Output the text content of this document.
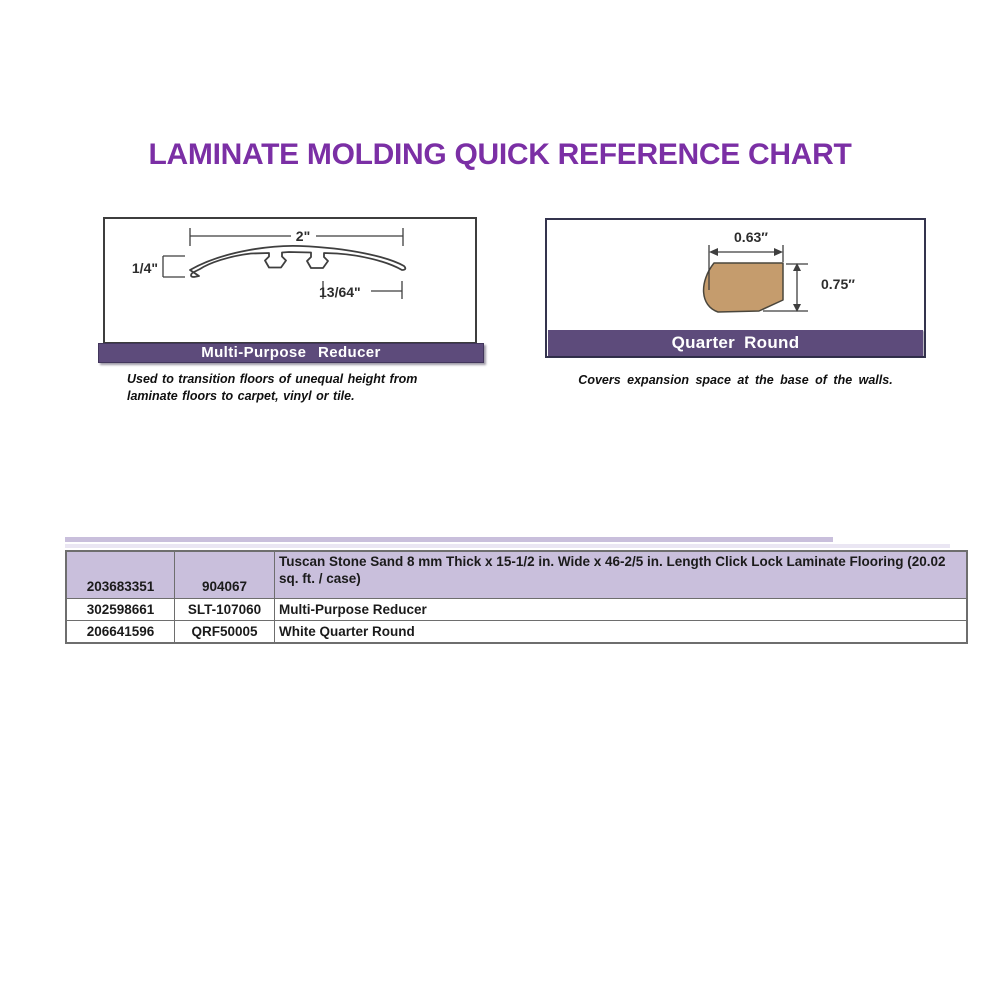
LAMINATE MOLDING QUICK REFERENCE CHART
2"
1/4"
13/64"
Multi-Purpose Reducer
Used to transition floors of unequal height from laminate floors to carpet, vinyl or tile.
0.63″
0.75″
Quarter Round
Covers expansion space at the base of the walls.
203683351	904067	Tuscan Stone Sand 8 mm Thick x 15-1/2 in. Wide x 46-2/5 in. Length Click Lock Laminate Flooring (20.02 sq. ft. / case)
302598661	SLT-107060	Multi-Purpose Reducer
206641596	QRF50005	White Quarter Round
